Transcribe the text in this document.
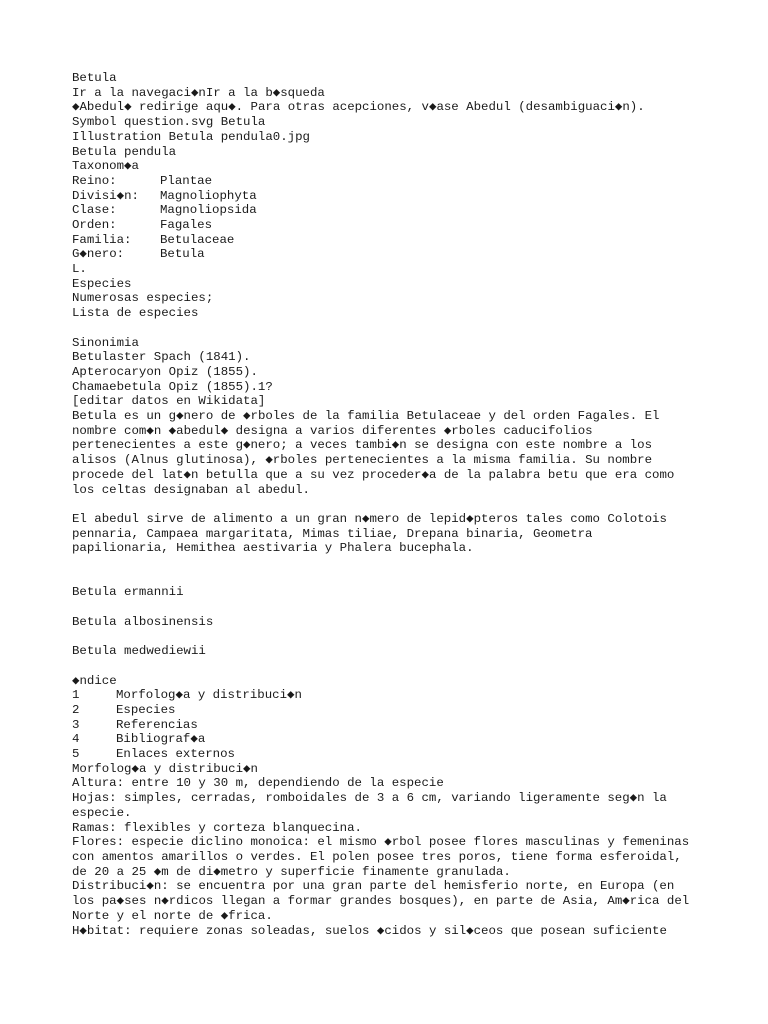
Betula
Ir a la navegaci◆nIr a la b◆squeda
◆Abedul◆ redirige aqu◆. Para otras acepciones, v◆ase Abedul (desambiguaci◆n).
Symbol question.svg Betula
Illustration Betula pendula0.jpg
Betula pendula
Taxonom◆a
Reino:	Plantae
Divisi◆n:	Magnoliophyta
Clase:	Magnoliopsida
Orden:	Fagales
Familia:	Betulaceae
G◆nero:	Betula
L.
Especies
Numerosas especies;
Lista de especies
Sinonimia
Betulaster Spach (1841).
Apterocaryon Opiz (1855).
Chamaebetula Opiz (1855).1?
[editar datos en Wikidata]
Betula es un g◆nero de ◆rboles de la familia Betulaceae y del orden Fagales. El
nombre com◆n ◆abedul◆ designa a varios diferentes ◆rboles caducifolios
pertenecientes a este g◆nero; a veces tambi◆n se designa con este nombre a los
alisos (Alnus glutinosa), ◆rboles pertenecientes a la misma familia. Su nombre
procede del lat◆n betulla que a su vez proceder◆a de la palabra betu que era como
los celtas designaban al abedul.
El abedul sirve de alimento a un gran n◆mero de lepid◆pteros tales como Colotois
pennaria, Campaea margaritata, Mimas tiliae, Drepana binaria, Geometra
papilionaria, Hemithea aestivaria y Phalera bucephala.
Betula ermannii
Betula albosinensis
Betula medwediewii
◆ndice
1	Morfolog◆a y distribuci◆n
2	Especies
3	Referencias
4	Bibliograf◆a
5	Enlaces externos
Morfolog◆a y distribuci◆n
Altura: entre 10 y 30 m, dependiendo de la especie
Hojas: simples, cerradas, romboidales de 3 a 6 cm, variando ligeramente seg◆n la
especie.
Ramas: flexibles y corteza blanquecina.
Flores: especie diclino monoica: el mismo ◆rbol posee flores masculinas y femeninas
con amentos amarillos o verdes. El polen posee tres poros, tiene forma esferoidal,
de 20 a 25 ◆m de di◆metro y superficie finamente granulada.
Distribuci◆n: se encuentra por una gran parte del hemisferio norte, en Europa (en
los pa◆ses n◆rdicos llegan a formar grandes bosques), en parte de Asia, Am◆rica del
Norte y el norte de ◆frica.
H◆bitat: requiere zonas soleadas, suelos ◆cidos y sil◆ceos que posean suficiente
